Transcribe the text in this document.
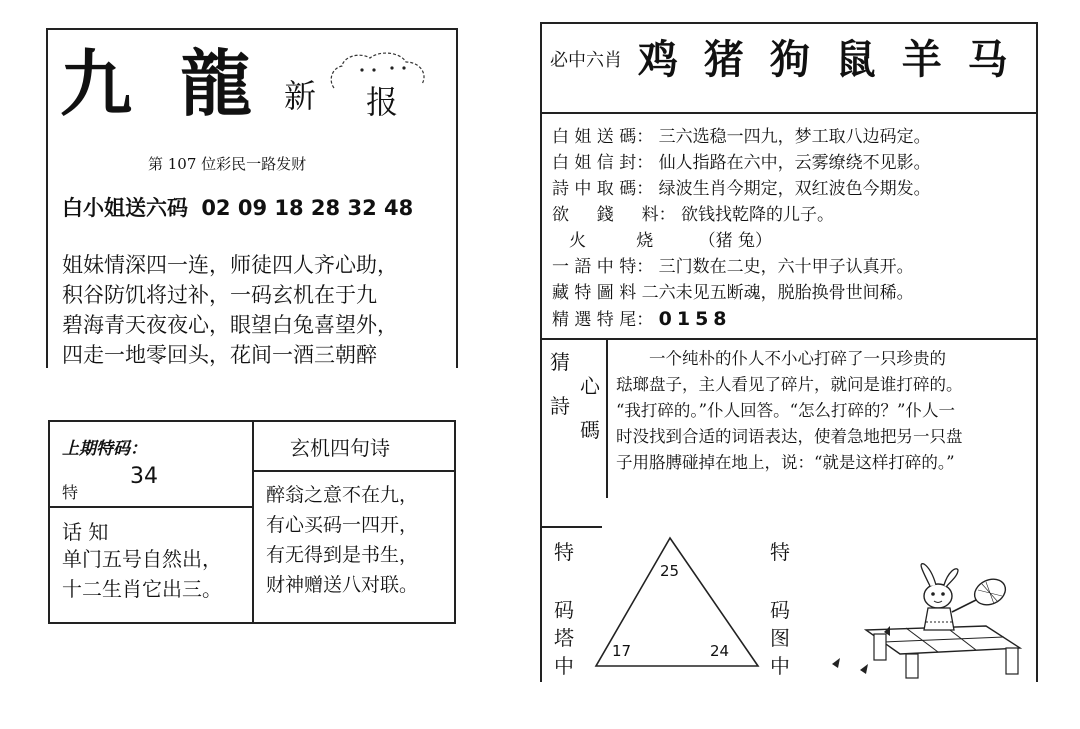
九 龍 新 报
第 107 位彩民一路发财
白小姐送六码 02 09 18 28 32 48
姐妹情深四一连，师徒四人齐心助，
积谷防饥将过补，一码玄机在于九
碧海青天夜夜心，眼望白兔喜望外，
四走一地零回头，花间一酒三朝醉
上期特码：
特
34
话 知
单门五号自然出，
十二生肖它出三。
玄机四句诗
醉翁之意不在九，
有心买码一四开，
有无得到是书生，
财神赠送八对联。
必中六肖 鸡 猪 狗 鼠 羊 马
白 姐 送 碼： 三六选稳一四九，梦工取八边码定。
白 姐 信 封： 仙人指路在六中，云雾缭绕不见影。
詩 中 取 碼： 绿波生肖今期定，双红波色今期发。
欲 　 錢 　 料： 欲钱找乾降的儿子。
　火 　 　 烧	（猪 兔）
一 語 中 特： 三门数在二史，六十甲子认真开。
藏 特 圖 料 二六未见五断魂，脱胎换骨世间稀。
精 選 特 尾： 0158
猜
心
詩
碼
　　一个纯朴的仆人不小心打碎了一只珍贵的
琺瑯盘子，主人看见了碎片，就问是谁打碎的。
“我打碎的。”仆人回答。“怎么打碎的？”仆人一
时没找到合适的词语表达，使着急地把另一只盘
子用胳膊碰掉在地上，说：“就是这样打碎的。”
特
码
塔
中
25
17	24
特
码
图
中
